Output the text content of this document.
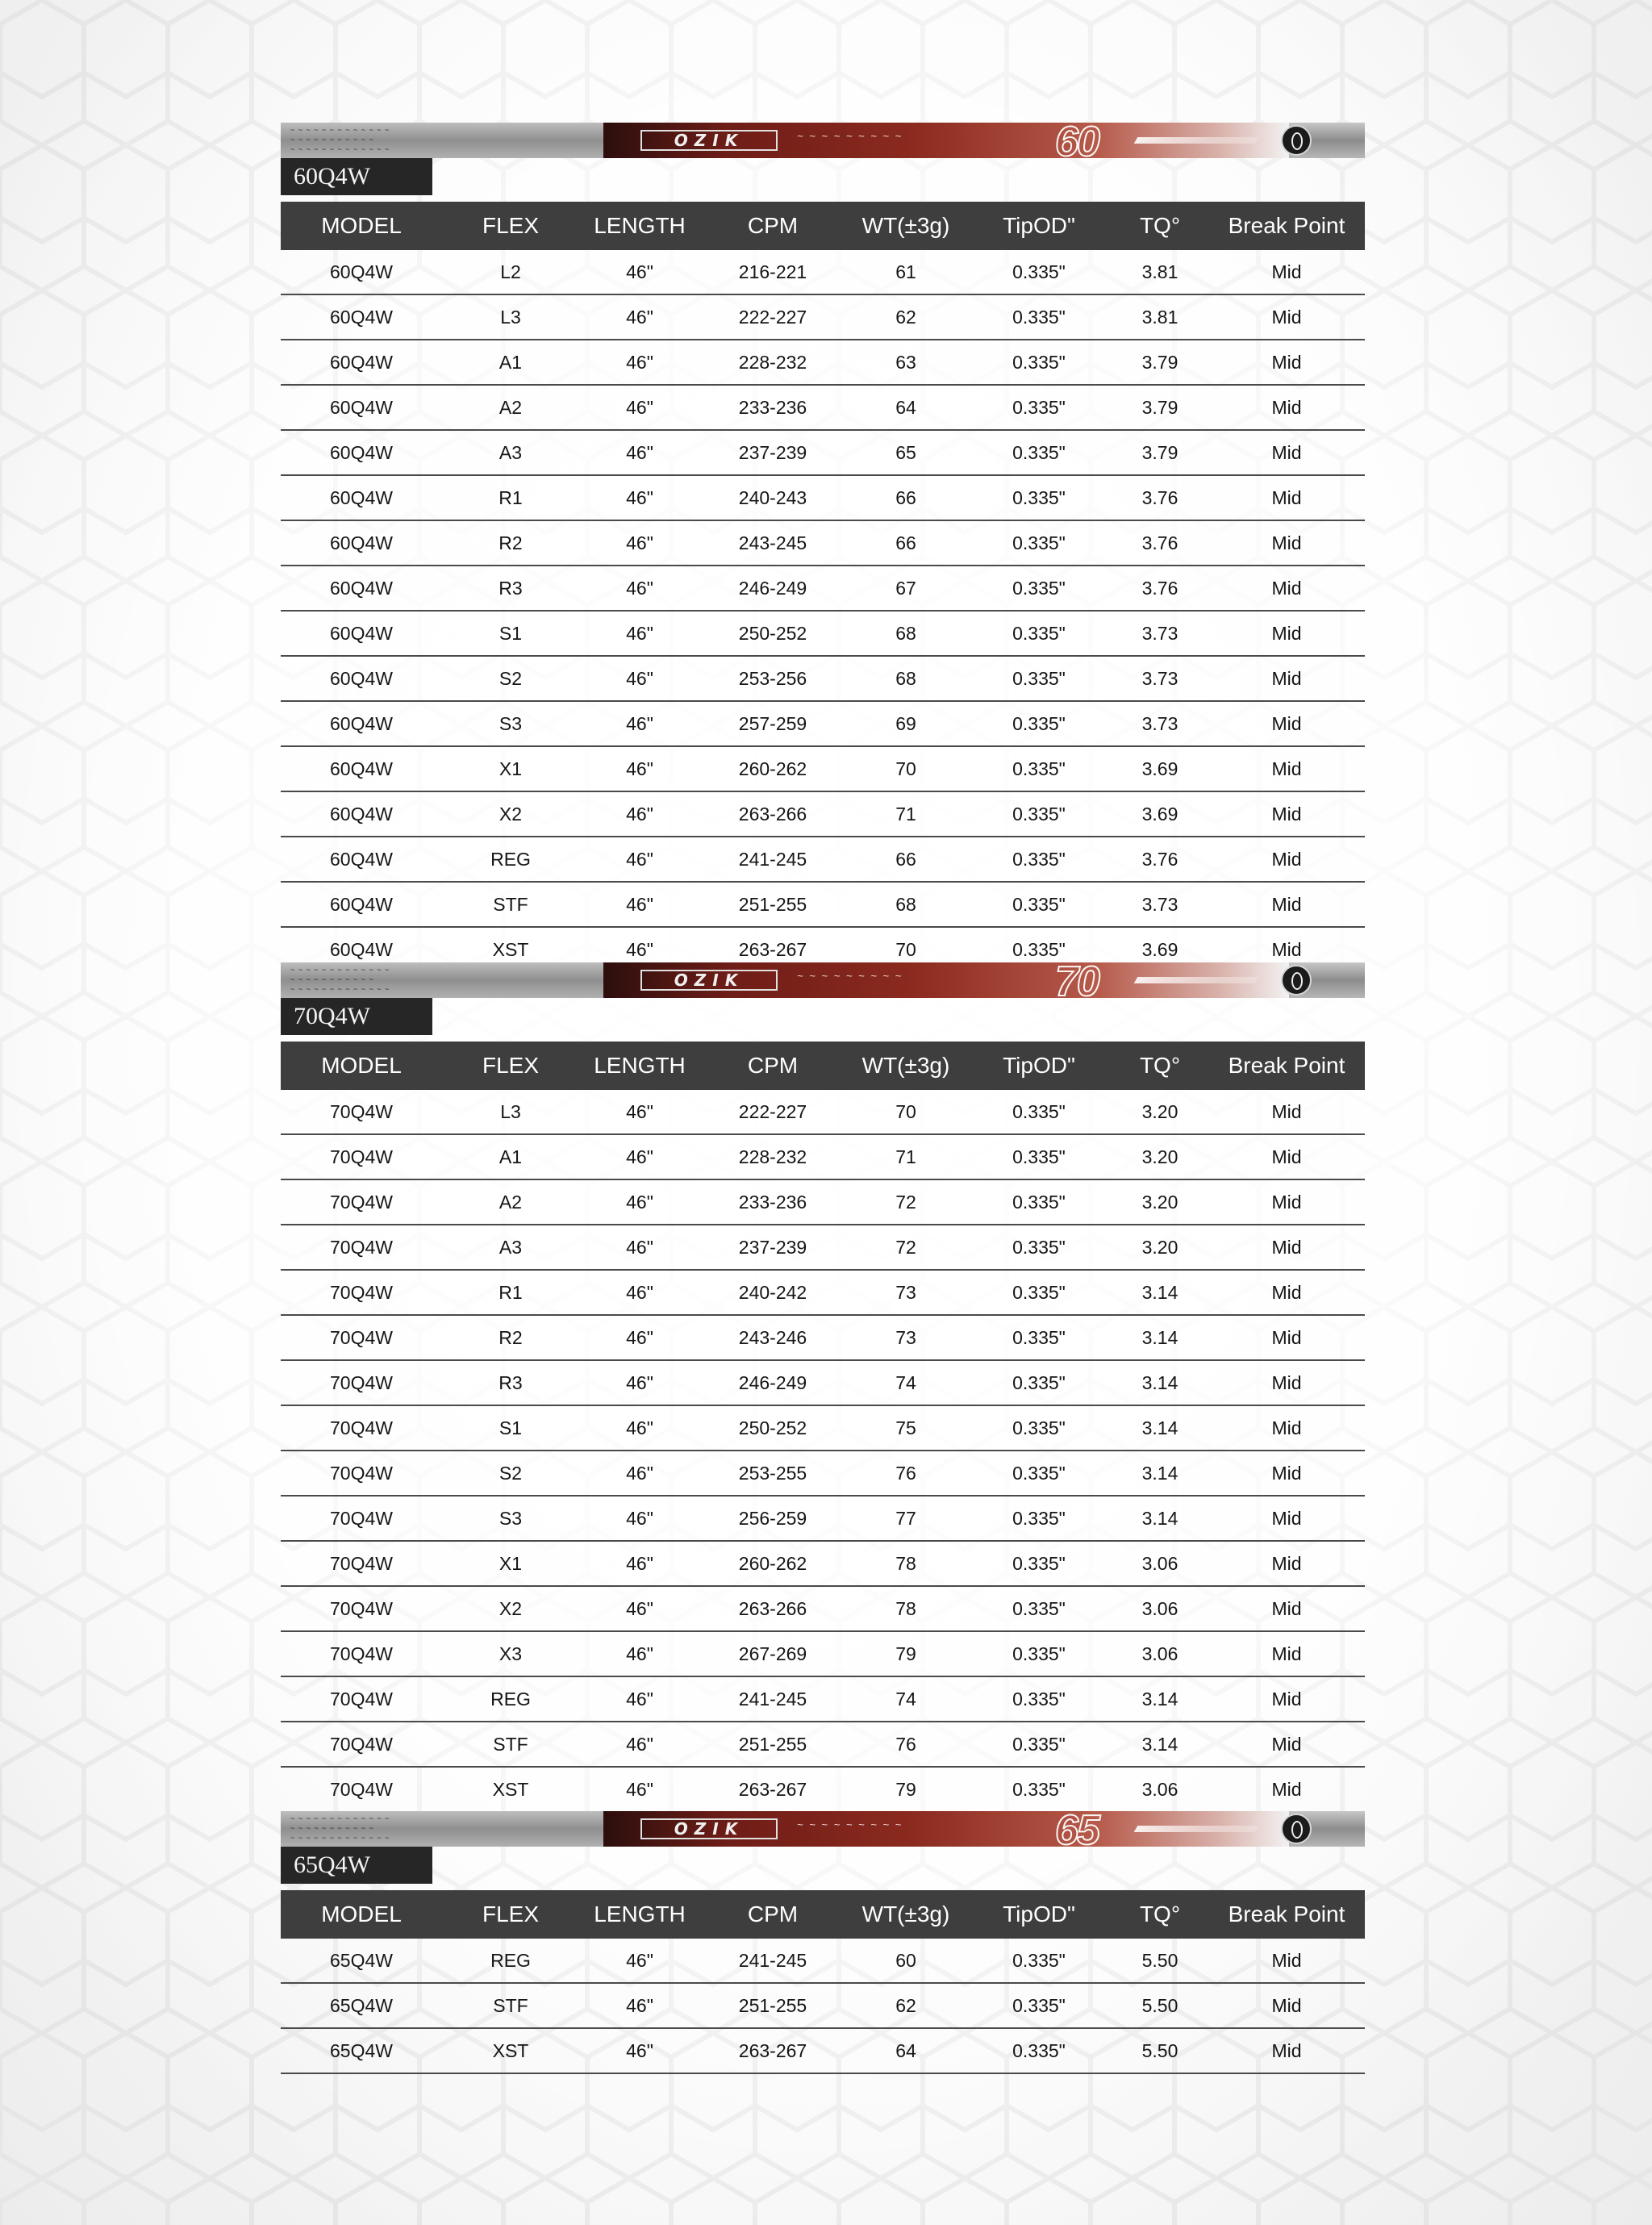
~ ~ ~ ~ ~ ~ ~ ~ ~ ~ ~ ~ ~
~ ~ ~ ~ ~ ~ ~ ~ ~ ~ ~
~ ~ ~ ~ ~ ~ ~ ~ ~ ~ ~ ~ ~	OZIK	~ ~ ~ ~ ~ ~ ~ ~ ~	60
60Q4W
MODEL	FLEX	LENGTH	CPM	WT(±3g)	TipOD"	TQ°	Break Point
60Q4W	L2	46"	216-221	61	0.335"	3.81	Mid
60Q4W	L3	46"	222-227	62	0.335"	3.81	Mid
60Q4W	A1	46"	228-232	63	0.335"	3.79	Mid
60Q4W	A2	46"	233-236	64	0.335"	3.79	Mid
60Q4W	A3	46"	237-239	65	0.335"	3.79	Mid
60Q4W	R1	46"	240-243	66	0.335"	3.76	Mid
60Q4W	R2	46"	243-245	66	0.335"	3.76	Mid
60Q4W	R3	46"	246-249	67	0.335"	3.76	Mid
60Q4W	S1	46"	250-252	68	0.335"	3.73	Mid
60Q4W	S2	46"	253-256	68	0.335"	3.73	Mid
60Q4W	S3	46"	257-259	69	0.335"	3.73	Mid
60Q4W	X1	46"	260-262	70	0.335"	3.69	Mid
60Q4W	X2	46"	263-266	71	0.335"	3.69	Mid
60Q4W	REG	46"	241-245	66	0.335"	3.76	Mid
60Q4W	STF	46"	251-255	68	0.335"	3.73	Mid
60Q4W	XST	46"	263-267	70	0.335"	3.69	Mid
~ ~ ~ ~ ~ ~ ~ ~ ~ ~ ~ ~ ~
~ ~ ~ ~ ~ ~ ~ ~ ~ ~ ~
~ ~ ~ ~ ~ ~ ~ ~ ~ ~ ~ ~ ~	OZIK	~ ~ ~ ~ ~ ~ ~ ~ ~	70
70Q4W
MODEL	FLEX	LENGTH	CPM	WT(±3g)	TipOD"	TQ°	Break Point
70Q4W	L3	46"	222-227	70	0.335"	3.20	Mid
70Q4W	A1	46"	228-232	71	0.335"	3.20	Mid
70Q4W	A2	46"	233-236	72	0.335"	3.20	Mid
70Q4W	A3	46"	237-239	72	0.335"	3.20	Mid
70Q4W	R1	46"	240-242	73	0.335"	3.14	Mid
70Q4W	R2	46"	243-246	73	0.335"	3.14	Mid
70Q4W	R3	46"	246-249	74	0.335"	3.14	Mid
70Q4W	S1	46"	250-252	75	0.335"	3.14	Mid
70Q4W	S2	46"	253-255	76	0.335"	3.14	Mid
70Q4W	S3	46"	256-259	77	0.335"	3.14	Mid
70Q4W	X1	46"	260-262	78	0.335"	3.06	Mid
70Q4W	X2	46"	263-266	78	0.335"	3.06	Mid
70Q4W	X3	46"	267-269	79	0.335"	3.06	Mid
70Q4W	REG	46"	241-245	74	0.335"	3.14	Mid
70Q4W	STF	46"	251-255	76	0.335"	3.14	Mid
70Q4W	XST	46"	263-267	79	0.335"	3.06	Mid
~ ~ ~ ~ ~ ~ ~ ~ ~ ~ ~ ~ ~
~ ~ ~ ~ ~ ~ ~ ~ ~ ~ ~
~ ~ ~ ~ ~ ~ ~ ~ ~ ~ ~ ~ ~	OZIK	~ ~ ~ ~ ~ ~ ~ ~ ~	65
65Q4W
MODEL	FLEX	LENGTH	CPM	WT(±3g)	TipOD"	TQ°	Break Point
65Q4W	REG	46"	241-245	60	0.335"	5.50	Mid
65Q4W	STF	46"	251-255	62	0.335"	5.50	Mid
65Q4W	XST	46"	263-267	64	0.335"	5.50	Mid
